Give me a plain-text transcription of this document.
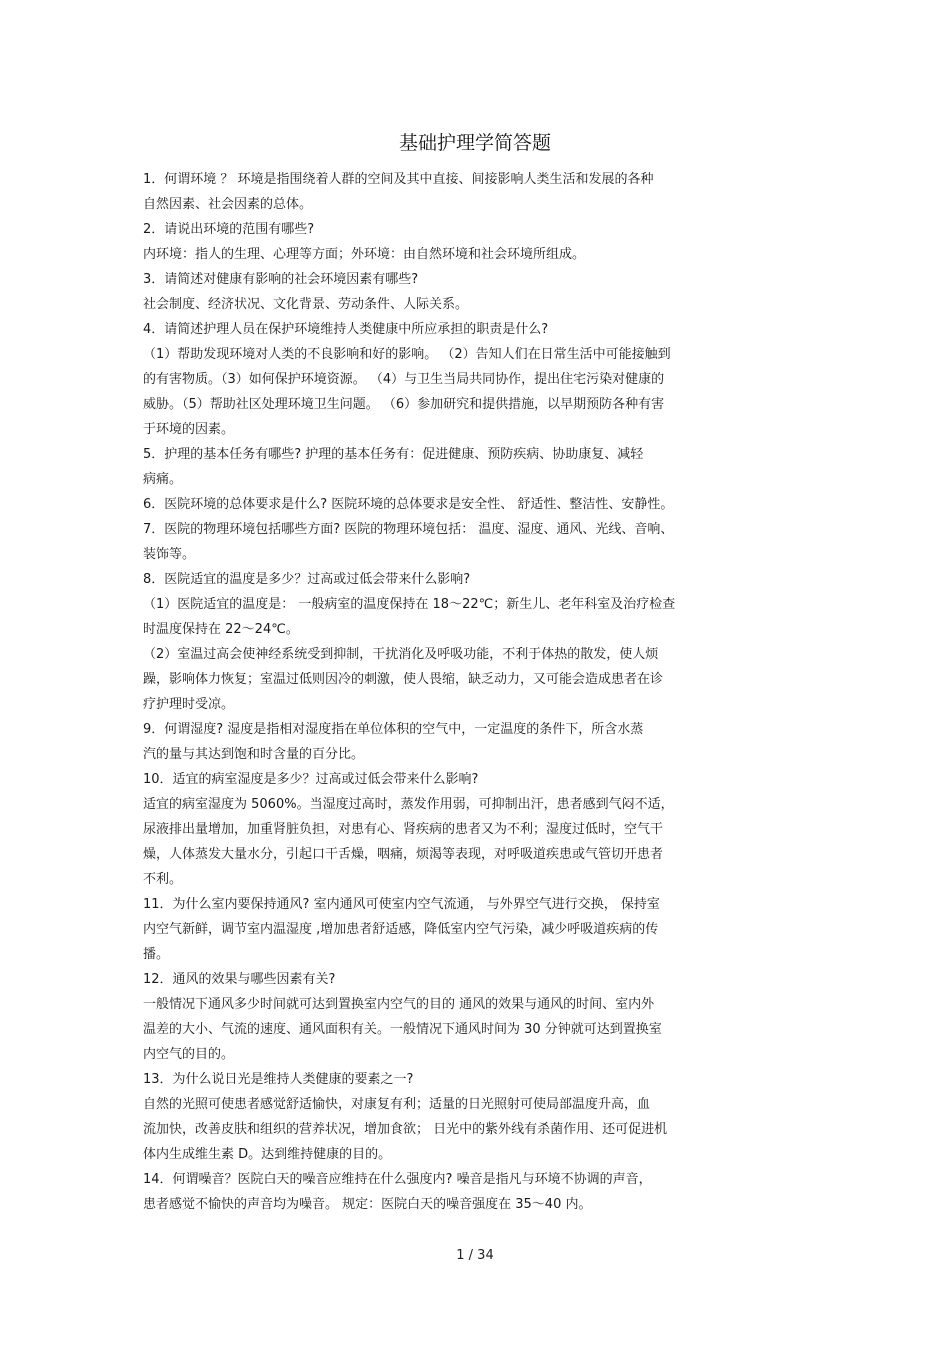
基础护理学简答题
1．何谓环境 ？ 环境是指围绕着人群的空间及其中直接、间接影响人类生活和发展的各种
自然因素、社会因素的总体。
2．请说出环境的范围有哪些?
内环境：指人的生理、心理等方面；外环境：由自然环境和社会环境所组成。
3．请简述对健康有影响的社会环境因素有哪些?
社会制度、经济状况、文化背景、劳动条件、人际关系。
4．请简述护理人员在保护环境维持人类健康中所应承担的职责是什么?
（1）帮助发现环境对人类的不良影响和好的影响。 （2）告知人们在日常生活中可能接触到
的有害物质。（3）如何保护环境资源。 （4）与卫生当局共同协作，提出住宅污染对健康的
威胁。（5）帮助社区处理环境卫生问题。 （6）参加研究和提供措施，以早期预防各种有害
于环境的因素。
5．护理的基本任务有哪些? 护理的基本任务有：促进健康、预防疾病、协助康复、减轻
病痛。
6．医院环境的总体要求是什么? 医院环境的总体要求是安全性、 舒适性、整洁性、安静性。
7．医院的物理环境包括哪些方面? 医院的物理环境包括： 温度、湿度、通风、光线、音响、
装饰等。
8．医院适宜的温度是多少？过高或过低会带来什么影响?
（1）医院适宜的温度是： 一般病室的温度保持在 18～22℃；新生儿、老年科室及治疗检查
时温度保持在 22～24℃。
（2）室温过高会使神经系统受到抑制，干扰消化及呼吸功能，不利于体热的散发，使人烦
躁，影响体力恢复；室温过低则因冷的刺激，使人畏缩，缺乏动力，又可能会造成患者在诊
疗护理时受凉。
9．何谓湿度? 湿度是指相对湿度指在单位体积的空气中，一定温度的条件下，所含水蒸
汽的量与其达到饱和时含量的百分比。
10．适宜的病室湿度是多少？过高或过低会带来什么影响?
适宜的病室湿度为 5060%。当湿度过高时，蒸发作用弱，可抑制出汗，患者感到气闷不适，
尿液排出量增加，加重肾脏负担，对患有心、肾疾病的患者又为不利；湿度过低时，空气干
燥，人体蒸发大量水分，引起口干舌燥，咽痛，烦渴等表现，对呼吸道疾患或气管切开患者
不利。
11．为什么室内要保持通风? 室内通风可使室内空气流通， 与外界空气进行交换， 保持室
内空气新鲜，调节室内温湿度 ,增加患者舒适感，降低室内空气污染，减少呼吸道疾病的传
播。
12．通风的效果与哪些因素有关?
一般情况下通风多少时间就可达到置换室内空气的目的 通风的效果与通风的时间、室内外
温差的大小、气流的速度、通风面积有关。一般情况下通风时间为 30 分钟就可达到置换室
内空气的目的。
13．为什么说日光是维持人类健康的要素之一?
自然的光照可使患者感觉舒适愉快，对康复有利；适量的日光照射可使局部温度升高，血
流加快，改善皮肤和组织的营养状况，增加食欲； 日光中的紫外线有杀菌作用、还可促进机
体内生成维生素 D。达到维持健康的目的。
14．何谓噪音？医院白天的噪音应维持在什么强度内? 噪音是指凡与环境不协调的声音，
患者感觉不愉快的声音均为噪音。 规定：医院白天的噪音强度在 35～40 内。
1 / 34
